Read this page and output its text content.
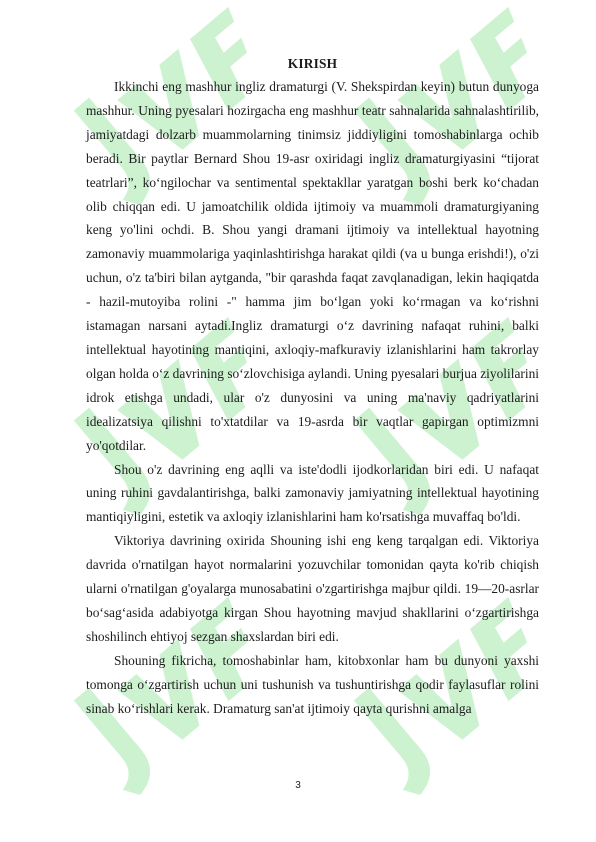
KIRISH

Ikkinchi eng mashhur ingliz dramaturgi (V. Shekspirdan keyin) butun dunyoga mashhur. Uning pyesalari hozirgacha eng mashhur teatr sahnalarida sahnalashtirilib, jamiyatdagi dolzarb muammolarning tinimsiz jiddiyligini tomoshabinlarga ochib beradi. Bir paytlar Bernard Shou 19-asr oxiridagi ingliz dramaturgiyasini “tijorat teatrlari”, ko‘ngilochar va sentimental spektakllar yaratgan boshi berk ko‘chadan olib chiqqan edi. U jamoatchilik oldida ijtimoiy va muammoli dramaturgiyaning keng yo'lini ochdi. B. Shou yangi dramani ijtimoiy va intellektual hayotning zamonaviy muammolariga yaqinlashtirishga harakat qildi (va u bunga erishdi!), o'zi uchun, o'z ta'biri bilan aytganda, "bir qarashda faqat zavqlanadigan, lekin haqiqatda - hazil-mutoyiba rolini -" hamma jim bo‘lgan yoki ko‘rmagan va ko‘rishni istamagan narsani aytadi.Ingliz dramaturgi o‘z davrining nafaqat ruhini, balki intellektual hayotining mantiqini, axloqiy-mafkuraviy izlanishlarini ham takrorlay olgan holda o‘z davrining so‘zlovchisiga aylandi. Uning pyesalari burjua ziyolilarini idrok etishga undadi, ular o'z dunyosini va uning ma'naviy qadriyatlarini idealizatsiya qilishni to'xtatdilar va 19-asrda bir vaqtlar gapirgan optimizmni yo'qotdilar.

Shou o'z davrining eng aqlli va iste'dodli ijodkorlaridan biri edi. U nafaqat uning ruhini gavdalantirishga, balki zamonaviy jamiyatning intellektual hayotining mantiqiyligini, estetik va axloqiy izlanishlarini ham ko'rsatishga muvaffaq bo'ldi.

Viktoriya davrining oxirida Shouning ishi eng keng tarqalgan edi. Viktoriya davrida o'rnatilgan hayot normalarini yozuvchilar tomonidan qayta ko'rib chiqish ularni o'rnatilgan g'oyalarga munosabatini o'zgartirishga majbur qildi. 19—20-asrlar bo‘sag‘asida adabiyotga kirgan Shou hayotning mavjud shakllarini o‘zgartirishga shoshilinch ehtiyoj sezgan shaxslardan biri edi.

Shouning fikricha, tomoshabinlar ham, kitobxonlar ham bu dunyoni yaxshi tomonga o‘zgartirish uchun uni tushunish va tushuntirishga qodir faylasuflar rolini sinab ko‘rishlari kerak. Dramaturg san'at ijtimoiy qayta qurishni amalga

3
